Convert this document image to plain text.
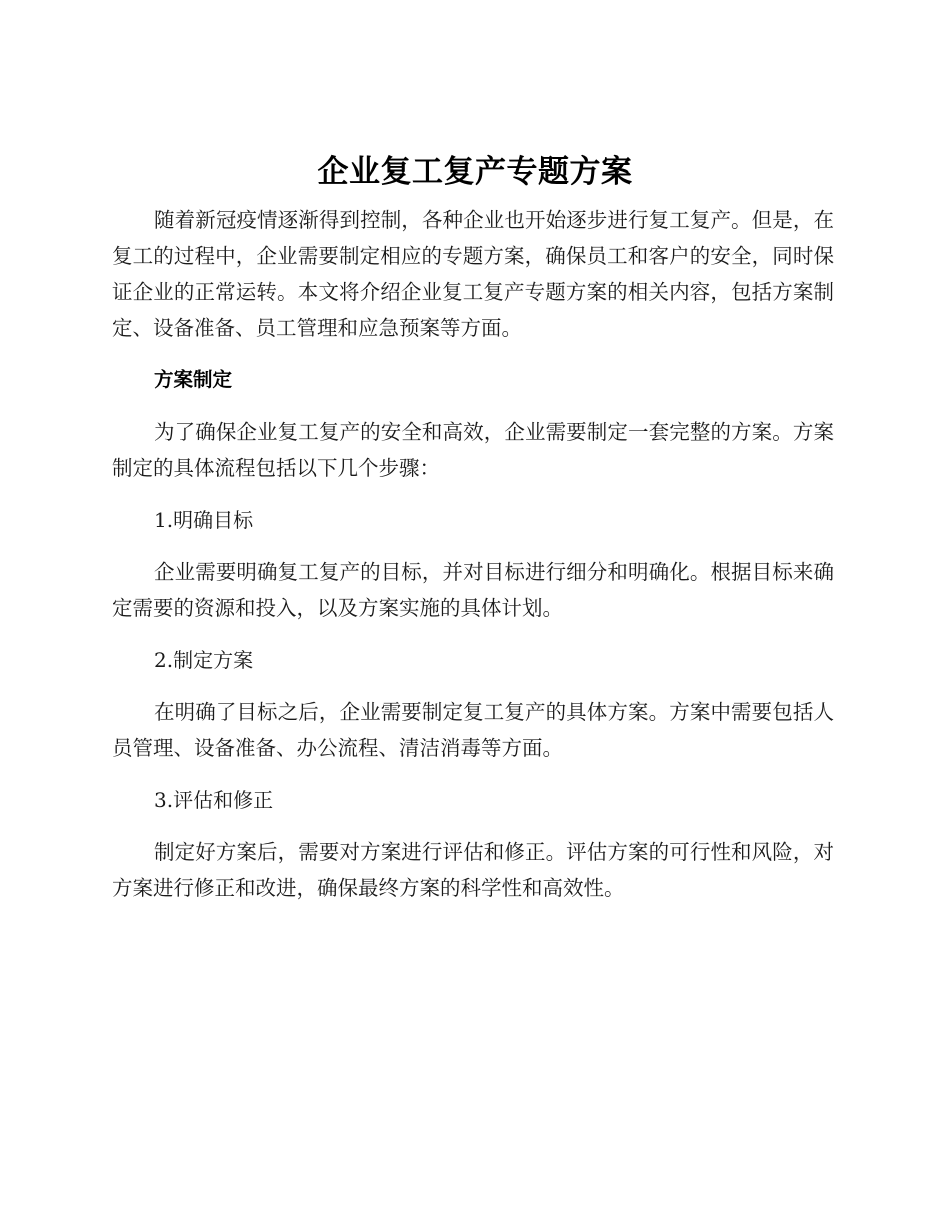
企业复工复产专题方案

随着新冠疫情逐渐得到控制，各种企业也开始逐步进行复工复产。但是，在复工的过程中，企业需要制定相应的专题方案，确保员工和客户的安全，同时保证企业的正常运转。本文将介绍企业复工复产专题方案的相关内容，包括方案制定、设备准备、员工管理和应急预案等方面。

方案制定

为了确保企业复工复产的安全和高效，企业需要制定一套完整的方案。方案制定的具体流程包括以下几个步骤：

1.明确目标

企业需要明确复工复产的目标，并对目标进行细分和明确化。根据目标来确定需要的资源和投入，以及方案实施的具体计划。

2.制定方案

在明确了目标之后，企业需要制定复工复产的具体方案。方案中需要包括人员管理、设备准备、办公流程、清洁消毒等方面。

3.评估和修正

制定好方案后，需要对方案进行评估和修正。评估方案的可行性和风险，对方案进行修正和改进，确保最终方案的科学性和高效性。
